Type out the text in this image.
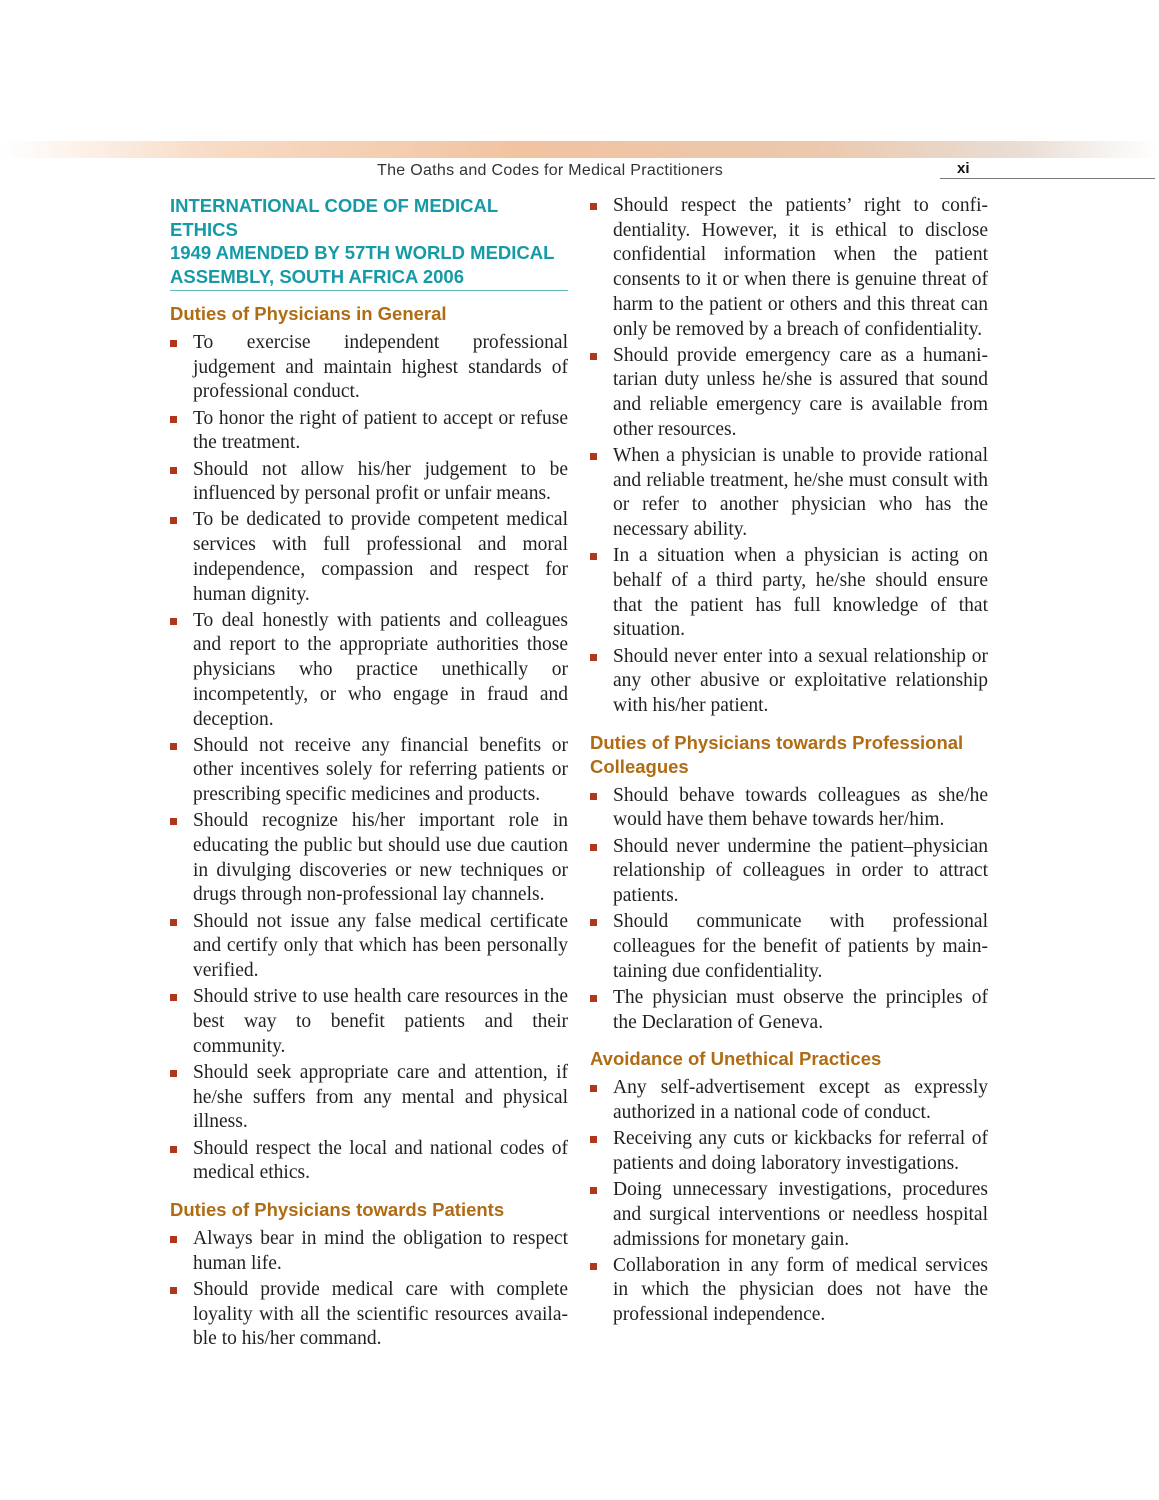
The Oaths and Codes for Medical Practitioners	xi
INTERNATIONAL CODE OF MEDICAL ETHICS
1949 AMENDED BY 57TH WORLD MEDICAL
ASSEMBLY, SOUTH AFRICA 2006
Duties of Physicians in General
To exercise independent professional judgement and maintain highest standards of professional conduct.
To honor the right of patient to accept or refuse the treatment.
Should not allow his/her judgement to be influenced by personal profit or unfair means.
To be dedicated to provide competent medical services with full professional and moral independence, compassion and respect for human dignity.
To deal honestly with patients and colleagues and report to the appropriate authorities those physicians who practice unethically or incompetently, or who engage in fraud and deception.
Should not receive any financial benefits or other incentives solely for referring patients or prescribing specific medicines and products.
Should recognize his/her important role in educating the public but should use due caution in divulging discoveries or new techniques or drugs through non-professional lay channels.
Should not issue any false medical certificate and certify only that which has been personally verified.
Should strive to use health care resources in the best way to benefit patients and their community.
Should seek appropriate care and attention, if he/she suffers from any mental and physical illness.
Should respect the local and national codes of medical ethics.
Duties of Physicians towards Patients
Always bear in mind the obligation to respect human life.
Should provide medical care with complete loyality with all the scientific resources availa-ble to his/her command.
Should respect the patients’ right to confi-dentiality. However, it is ethical to disclose confidential information when the patient consents to it or when there is genuine threat of harm to the patient or others and this threat can only be removed by a breach of confidentiality.
Should provide emergency care as a humani-tarian duty unless he/she is assured that sound and reliable emergency care is available from other resources.
When a physician is unable to provide rational and reliable treatment, he/she must consult with or refer to another physician who has the necessary ability.
In a situation when a physician is acting on behalf of a third party, he/she should ensure that the patient has full knowledge of that situation.
Should never enter into a sexual relationship or any other abusive or exploitative relationship with his/her patient.
Duties of Physicians towards Professional Colleagues
Should behave towards colleagues as she/he would have them behave towards her/him.
Should never undermine the patient–physician relationship of colleagues in order to attract patients.
Should communicate with professional colleagues for the benefit of patients by main-taining due confidentiality.
The physician must observe the principles of the Declaration of Geneva.
Avoidance of Unethical Practices
Any self-advertisement except as expressly authorized in a national code of conduct.
Receiving any cuts or kickbacks for referral of patients and doing laboratory investigations.
Doing unnecessary investigations, procedures and surgical interventions or needless hospital admissions for monetary gain.
Collaboration in any form of medical services in which the physician does not have the professional independence.
